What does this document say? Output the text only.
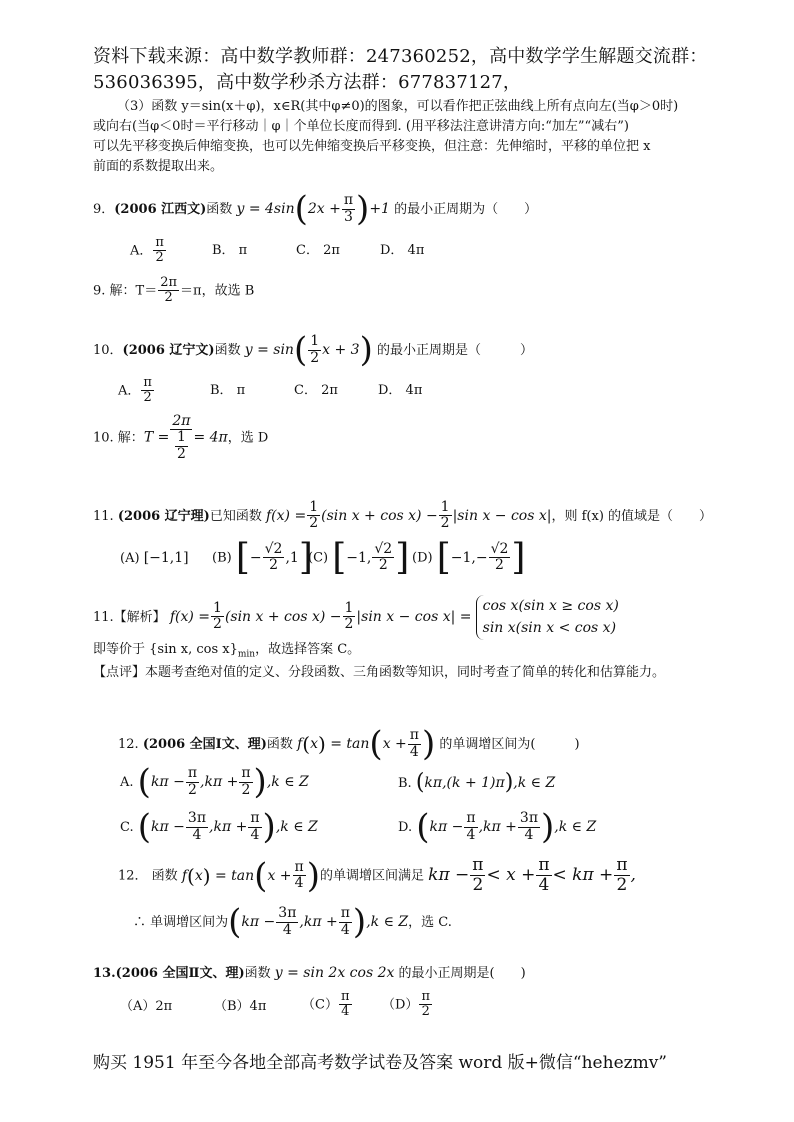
资料下载来源：高中数学教师群：247360252，高中数学学生解题交流群：
536036395，高中数学秒杀方法群：677837127，
（3）函数 y＝sin(x＋φ)，x∈R(其中φ≠0)的图象，可以看作把正弦曲线上所有点向左(当φ＞0时)
或向右(当φ＜0时＝平行移动｜φ｜个单位长度而得到. (用平移法注意讲清方向:“加左”“减右”)
可以先平移变换后伸缩变换，也可以先伸缩变换后平移变换，但注意：先伸缩时，平移的单位把 x
前面的系数提取出来。
9．(2006 江西文)函数 $y = 4\sin(2x + \frac{\pi}{3} )+1$ 的最小正周期为（　　）
A． $\frac{\pi}{2}$	B． π	C． 2π	D． 4π
9. 解：$T= \frac{2\pi}{2} =\pi$，故选 B
10．(2006 辽宁文)函数 $y = \sin( \frac{1}{2}$ x + 3) 的最小正周期是（　　　）
A． $\frac{\pi}{2}$	B． π	C． 2π	D． 4π
10. 解：$T = \frac{2\pi}{\frac{1}{2}} = 4\pi$，选 D
11. (2006 辽宁理)已知函数 $f(x) = \frac{1}{2} (\sin$ $x + \cos x) - \frac{1}{2} |\sin$ x − cos x|，则 f(x) 的值域是（　　）
(A) [−1,1] (B) [− $\frac{√2}{2} ,1](C)$ [−1, $\frac{√2}{2}$ ] (D) [$-1,- \frac{√2}{2}$ ]
11.【解析】 $f(x) = \frac{1}{2} (\sin$ $x + \cos x) - \frac{1}{2} |\sin$ x − cos x| = cos x(sin x ≥ cos x)
sin x(sin x < cos x)
即等价于 {sin x, $\cos x\}_{min}$，故选择答案 C。
【点评】本题考查绝对值的定义、分段函数、三角函数等知识，同时考查了简单的转化和估算能力。
12. (2006 全国Ⅰ文、理)函数 $f(x) = \tan(x + \frac{\pi}{4}$ ) 的单调增区间为(　　　)
A. $(k\pi - \frac{\pi}{2} ,k\pi + \frac{\pi}{2} ),k$ ∈ Z	B. (kπ,(k + 1)π),k ∈ Z
C. $(k\pi - \frac{3\pi}{4} ,k\pi + \frac{\pi}{4} ),k$ ∈ Z	D. $(k\pi - \frac{\pi}{4} ,k\pi + \frac{3\pi}{4} ),k$ ∈ Z
12． 函数 $f(x) = \tan(x + \frac{\pi}{4}$ )的单调增区间满足 $k\pi - \frac{\pi}{2} < x + \frac{\pi}{4} < k\pi + \frac{\pi}{2}$ ,
∴ 单调增区间为$(k\pi - \frac{3\pi}{4} ,k\pi + \frac{\pi}{4} ),k$ ∈ Z，选 C.
13.(2006 全国Ⅱ文、理)函数 y = sin 2x cos 2x 的最小正周期是(　　)
（A）2π	（B）4π	$(C) \frac{\pi}{4} (D) \frac{\pi}{2}$
购买 1951 年至今各地全部高考数学试卷及答案 word 版+微信“hehezmv”
